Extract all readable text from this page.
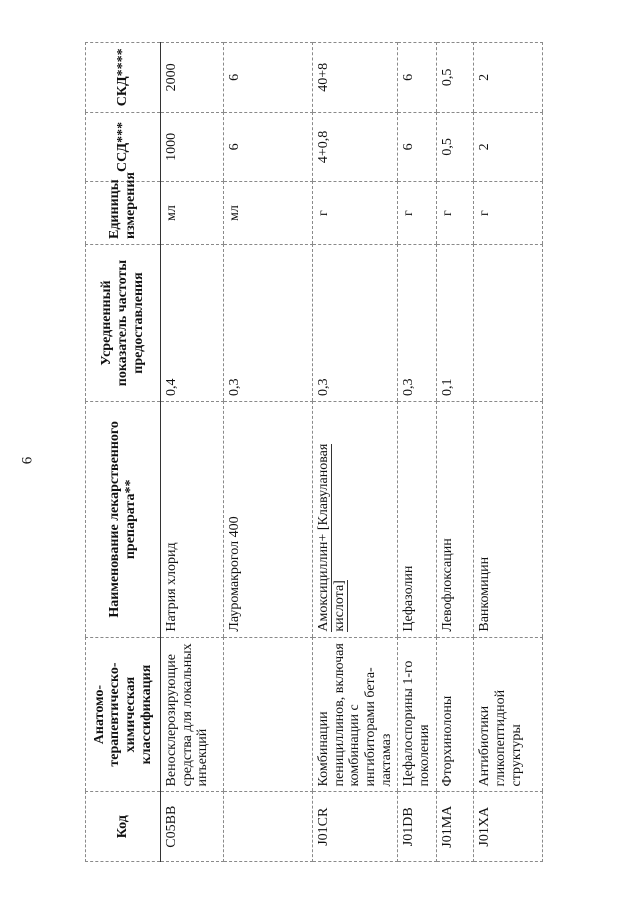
6
Код	Анатомо-терапевтическо-химическая классификация	Наименование лекарственного препарата**	Усредненный показатель частоты предоставления	Единицы измерения	ССД***	СКД****
C05BB	Веносклерозирующие средства для локальных инъекций	Натрия хлорид	0,4	мл	1000	2000
		Лауромакрогол 400	0,3	мл	6	6
J01CR	Комбинации пенициллинов, включая комбинации с ингибиторами бета-лактамаз	Амоксициллин+ [Клавулановая кислота]	0,3	г	4+0,8	40+8
J01DB	Цефалоспорины 1-го поколения	Цефазолин	0,3	г	6	6
J01MA	Фторхинолоны	Левофлоксацин	0,1	г	0,5	0,5
J01XA	Антибиотики гликопептидной структуры	Ванкомицин		г	2	2
